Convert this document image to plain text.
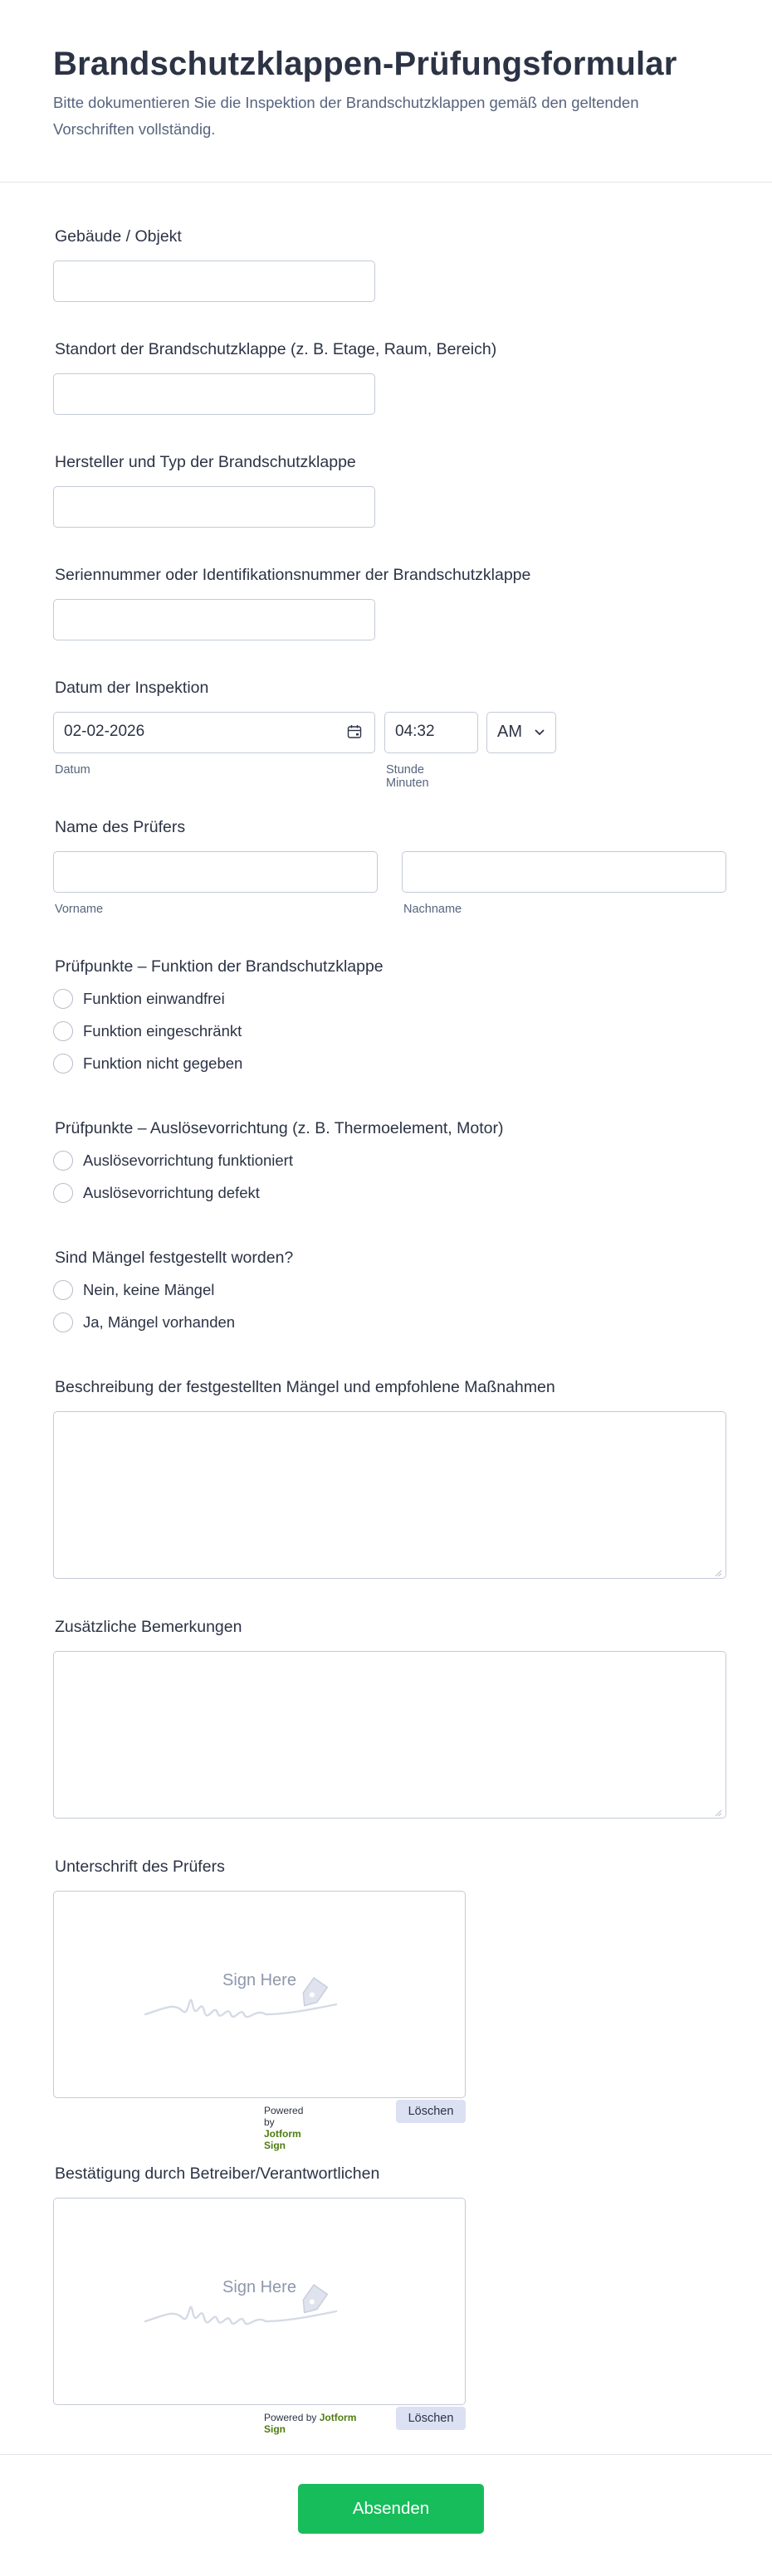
Brandschutzklappen-Prüfungsformular

Bitte dokumentieren Sie die Inspektion der Brandschutzklappen gemäß den geltenden Vorschriften vollständig.

Gebäude / Objekt
Standort der Brandschutzklappe (z. B. Etage, Raum, Bereich)
Hersteller und Typ der Brandschutzklappe
Seriennummer oder Identifikationsnummer der Brandschutzklappe
Datum der Inspektion
02-02-2026
Datum
04:32	AM
Stunde Minuten
Name des Prüfers
Vorname	Nachname
Prüfpunkte – Funktion der Brandschutzklappe
Funktion einwandfrei
Funktion eingeschränkt
Funktion nicht gegeben
Prüfpunkte – Auslösevorrichtung (z. B. Thermoelement, Motor)
Auslösevorrichtung funktioniert
Auslösevorrichtung defekt
Sind Mängel festgestellt worden?
Nein, keine Mängel
Ja, Mängel vorhanden
Beschreibung der festgestellten Mängel und empfohlene Maßnahmen
Zusätzliche Bemerkungen
Unterschrift des Prüfers
Sign Here
Powered by Jotform Sign
Löschen
Bestätigung durch Betreiber/Verantwortlichen
Sign Here
Powered by Jotform Sign
Löschen
Absenden
